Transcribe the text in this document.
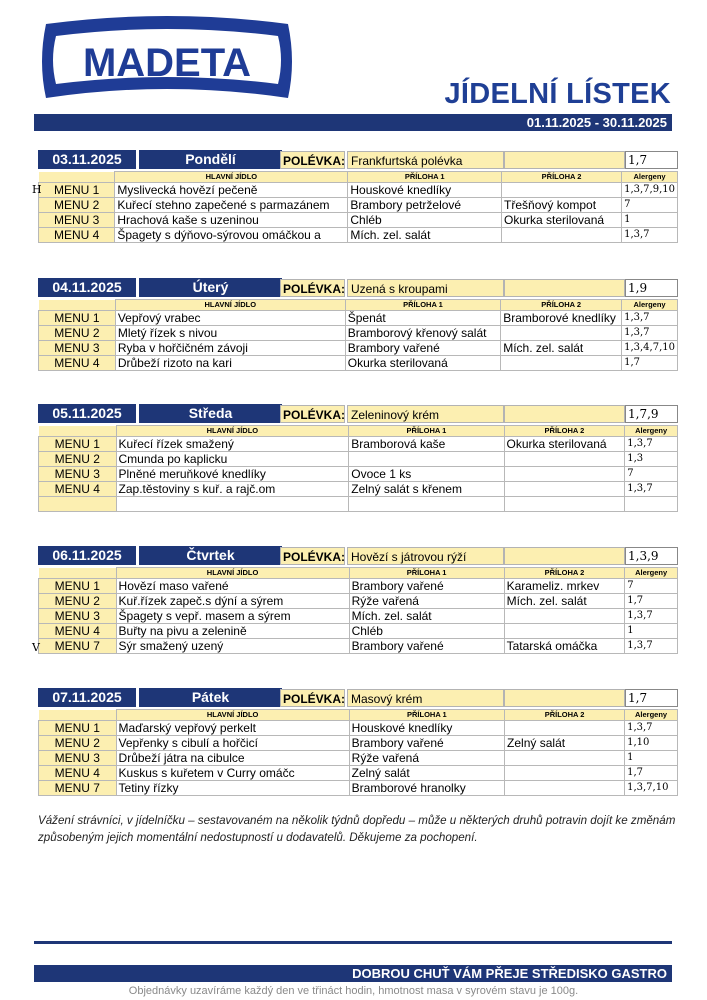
MADETA
JÍDELNÍ LÍSTEK
01.11.2025 - 30.11.2025
03.11.2025	Pondělí	POLÉVKA: Frankfurtská polévka	1,7
	HLAVNÍ JÍDLO	PŘÍLOHA 1	PŘÍLOHA 2	Alergeny
MENU 1	Myslivecká hovězí pečeně	Houskové knedlíky		1,3,7,9,10
MENU 2	Kuřecí stehno zapečené s parmazánem	Brambory petrželové	Třešňový kompot	7
MENU 3	Hrachová kaše s uzeninou	Chléb	Okurka sterilovaná	1
MENU 4	Špagety s dýňovo-sýrovou omáčkou a	Mích. zel. salát		1,3,7
H
04.11.2025	Úterý	POLÉVKA: Uzená s kroupami	1,9
	HLAVNÍ JÍDLO	PŘÍLOHA 1	PŘÍLOHA 2	Alergeny
MENU 1	Vepřový vrabec	Špenát	Bramborové knedlíky	1,3,7
MENU 2	Mletý řízek s nivou	Bramborový křenový salát		1,3,7
MENU 3	Ryba v hořčičném závoji	Brambory vařené	Mích. zel. salát	1,3,4,7,10
MENU 4	Drůbeží rizoto na kari	Okurka sterilovaná		1,7
05.11.2025	Středa	POLÉVKA: Zeleninový krém	1,7,9
	HLAVNÍ JÍDLO	PŘÍLOHA 1	PŘÍLOHA 2	Alergeny
MENU 1	Kuřecí řízek smažený	Bramborová kaše	Okurka sterilovaná	1,3,7
MENU 2	Cmunda po kaplicku			1,3
MENU 3	Plněné meruňkové knedlíky	Ovoce 1 ks		7
MENU 4	Zap.těstoviny s kuř. a rajč.om	Zelný salát s křenem		1,3,7

06.11.2025	Čtvrtek	POLÉVKA: Hovězí s játrovou rýží	1,3,9
	HLAVNÍ JÍDLO	PŘÍLOHA 1	PŘÍLOHA 2	Alergeny
MENU 1	Hovězí maso vařené	Brambory vařené	Karameliz. mrkev	7
MENU 2	Kuř.řízek zapeč.s dýní a sýrem	Rýže vařená	Mích. zel. salát	1,7
MENU 3	Špagety s vepř. masem a sýrem	Mích. zel. salát		1,3,7
MENU 4	Buřty na pivu a zelenině	Chléb		1
MENU 7	Sýr smažený uzený	Brambory vařené	Tatarská omáčka	1,3,7
V
07.11.2025	Pátek	POLÉVKA: Masový krém	1,7
	HLAVNÍ JÍDLO	PŘÍLOHA 1	PŘÍLOHA 2	Alergeny
MENU 1	Maďarský vepřový perkelt	Houskové knedlíky		1,3,7
MENU 2	Vepřenky s cibulí a hořčicí	Brambory vařené	Zelný salát	1,10
MENU 3	Drůbeží játra na cibulce	Rýže vařená		1
MENU 4	Kuskus s kuřetem v Curry omáčc	Zelný salát		1,7
MENU 7	Tetiny řízky	Bramborové hranolky		1,3,7,10
Vážení strávníci, v jídelníčku – sestavovaném na několik týdnů dopředu – může u některých druhů potravin dojít ke změnám způsobeným jejich momentální nedostupností u dodavatelů. Děkujeme za pochopení.
DOBROU CHUŤ VÁM PŘEJE STŘEDISKO GASTRO
Objednávky uzavíráme každý den ve třináct hodin, hmotnost masa v syrovém stavu je 100g.
